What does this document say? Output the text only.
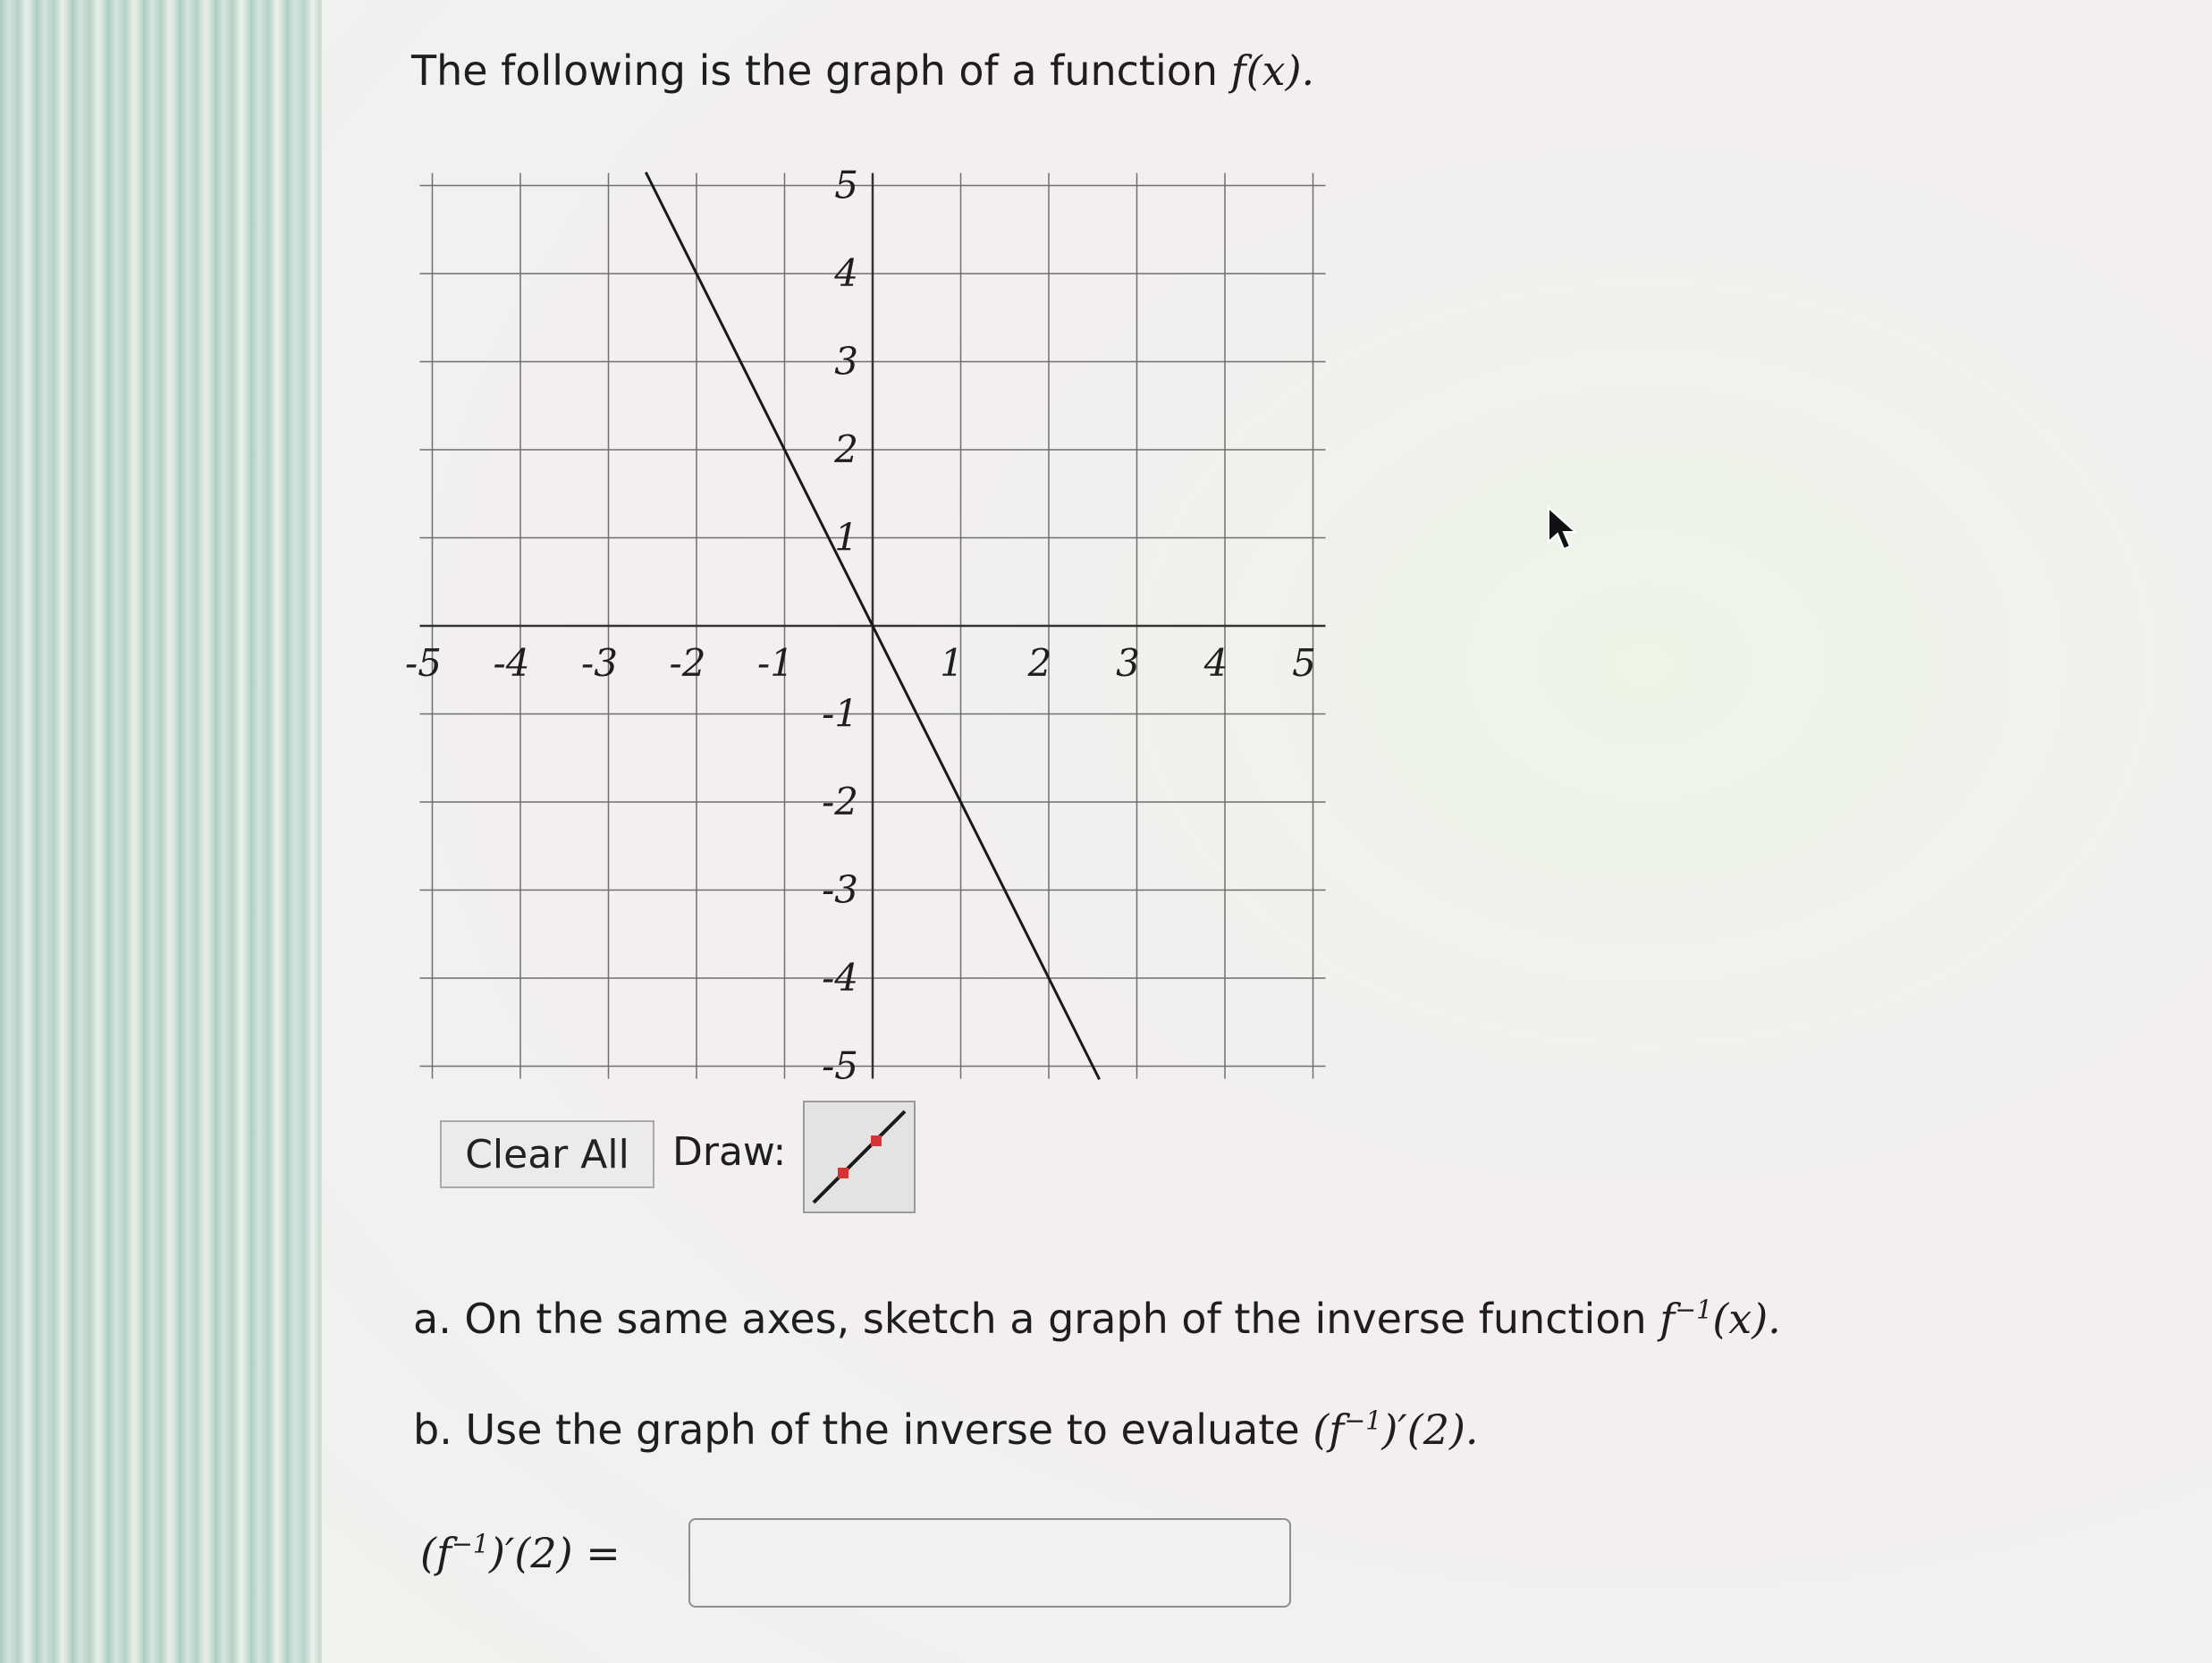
The following is the graph of a function f(x).
-5 -4 -3 -2 -1	1 2 3 4 5
5
4
3
2
1
-1
-2
-3
-4
-5
Clear All	Draw:
a. On the same axes, sketch a graph of the inverse function $f^{-1}(x)$.
b. Use the graph of the inverse to evaluate $(f^{-1})'(2)$.
$(f^{-1})'(2)$ =
